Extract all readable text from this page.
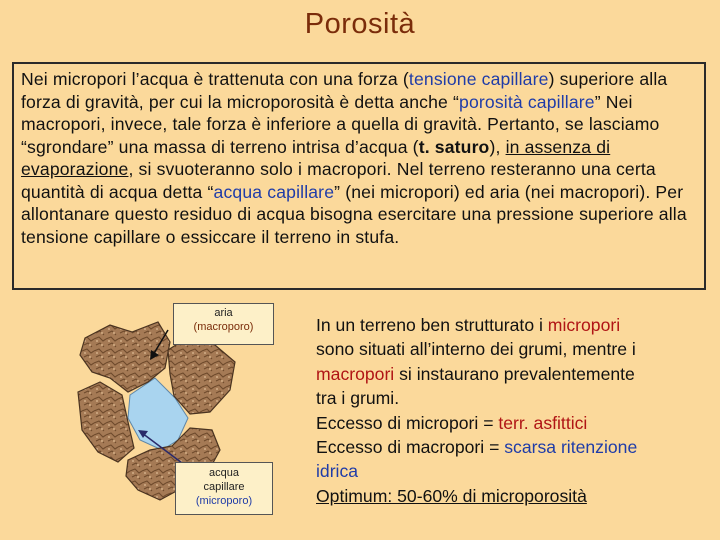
Porosità
Nei micropori l’acqua è trattenuta con una forza (tensione capillare) superiore alla forza di gravità, per cui la microporosità è detta anche “porosità capillare” Nei macropori, invece, tale forza è inferiore a quella di gravità. Pertanto, se lasciamo “sgrondare” una massa di terreno intrisa d’acqua (t. saturo), in assenza di evaporazione, si svuoteranno solo i macropori. Nel terreno resteranno una certa quantità di acqua detta “acqua capillare” (nei micropori) ed aria (nei macropori). Per allontanare questo residuo di acqua bisogna esercitare una pressione superiore alla tensione capillare o essiccare il terreno in stufa.
aria
(macroporo)
acqua
capillare
(microporo)
In un terreno ben strutturato i micropori
sono situati all’interno dei grumi, mentre i
macropori si instaurano prevalentemente
tra i grumi.
Eccesso di micropori = terr. asfittici
Eccesso di macropori = scarsa ritenzione
idrica
Optimum: 50-60% di microporosità
